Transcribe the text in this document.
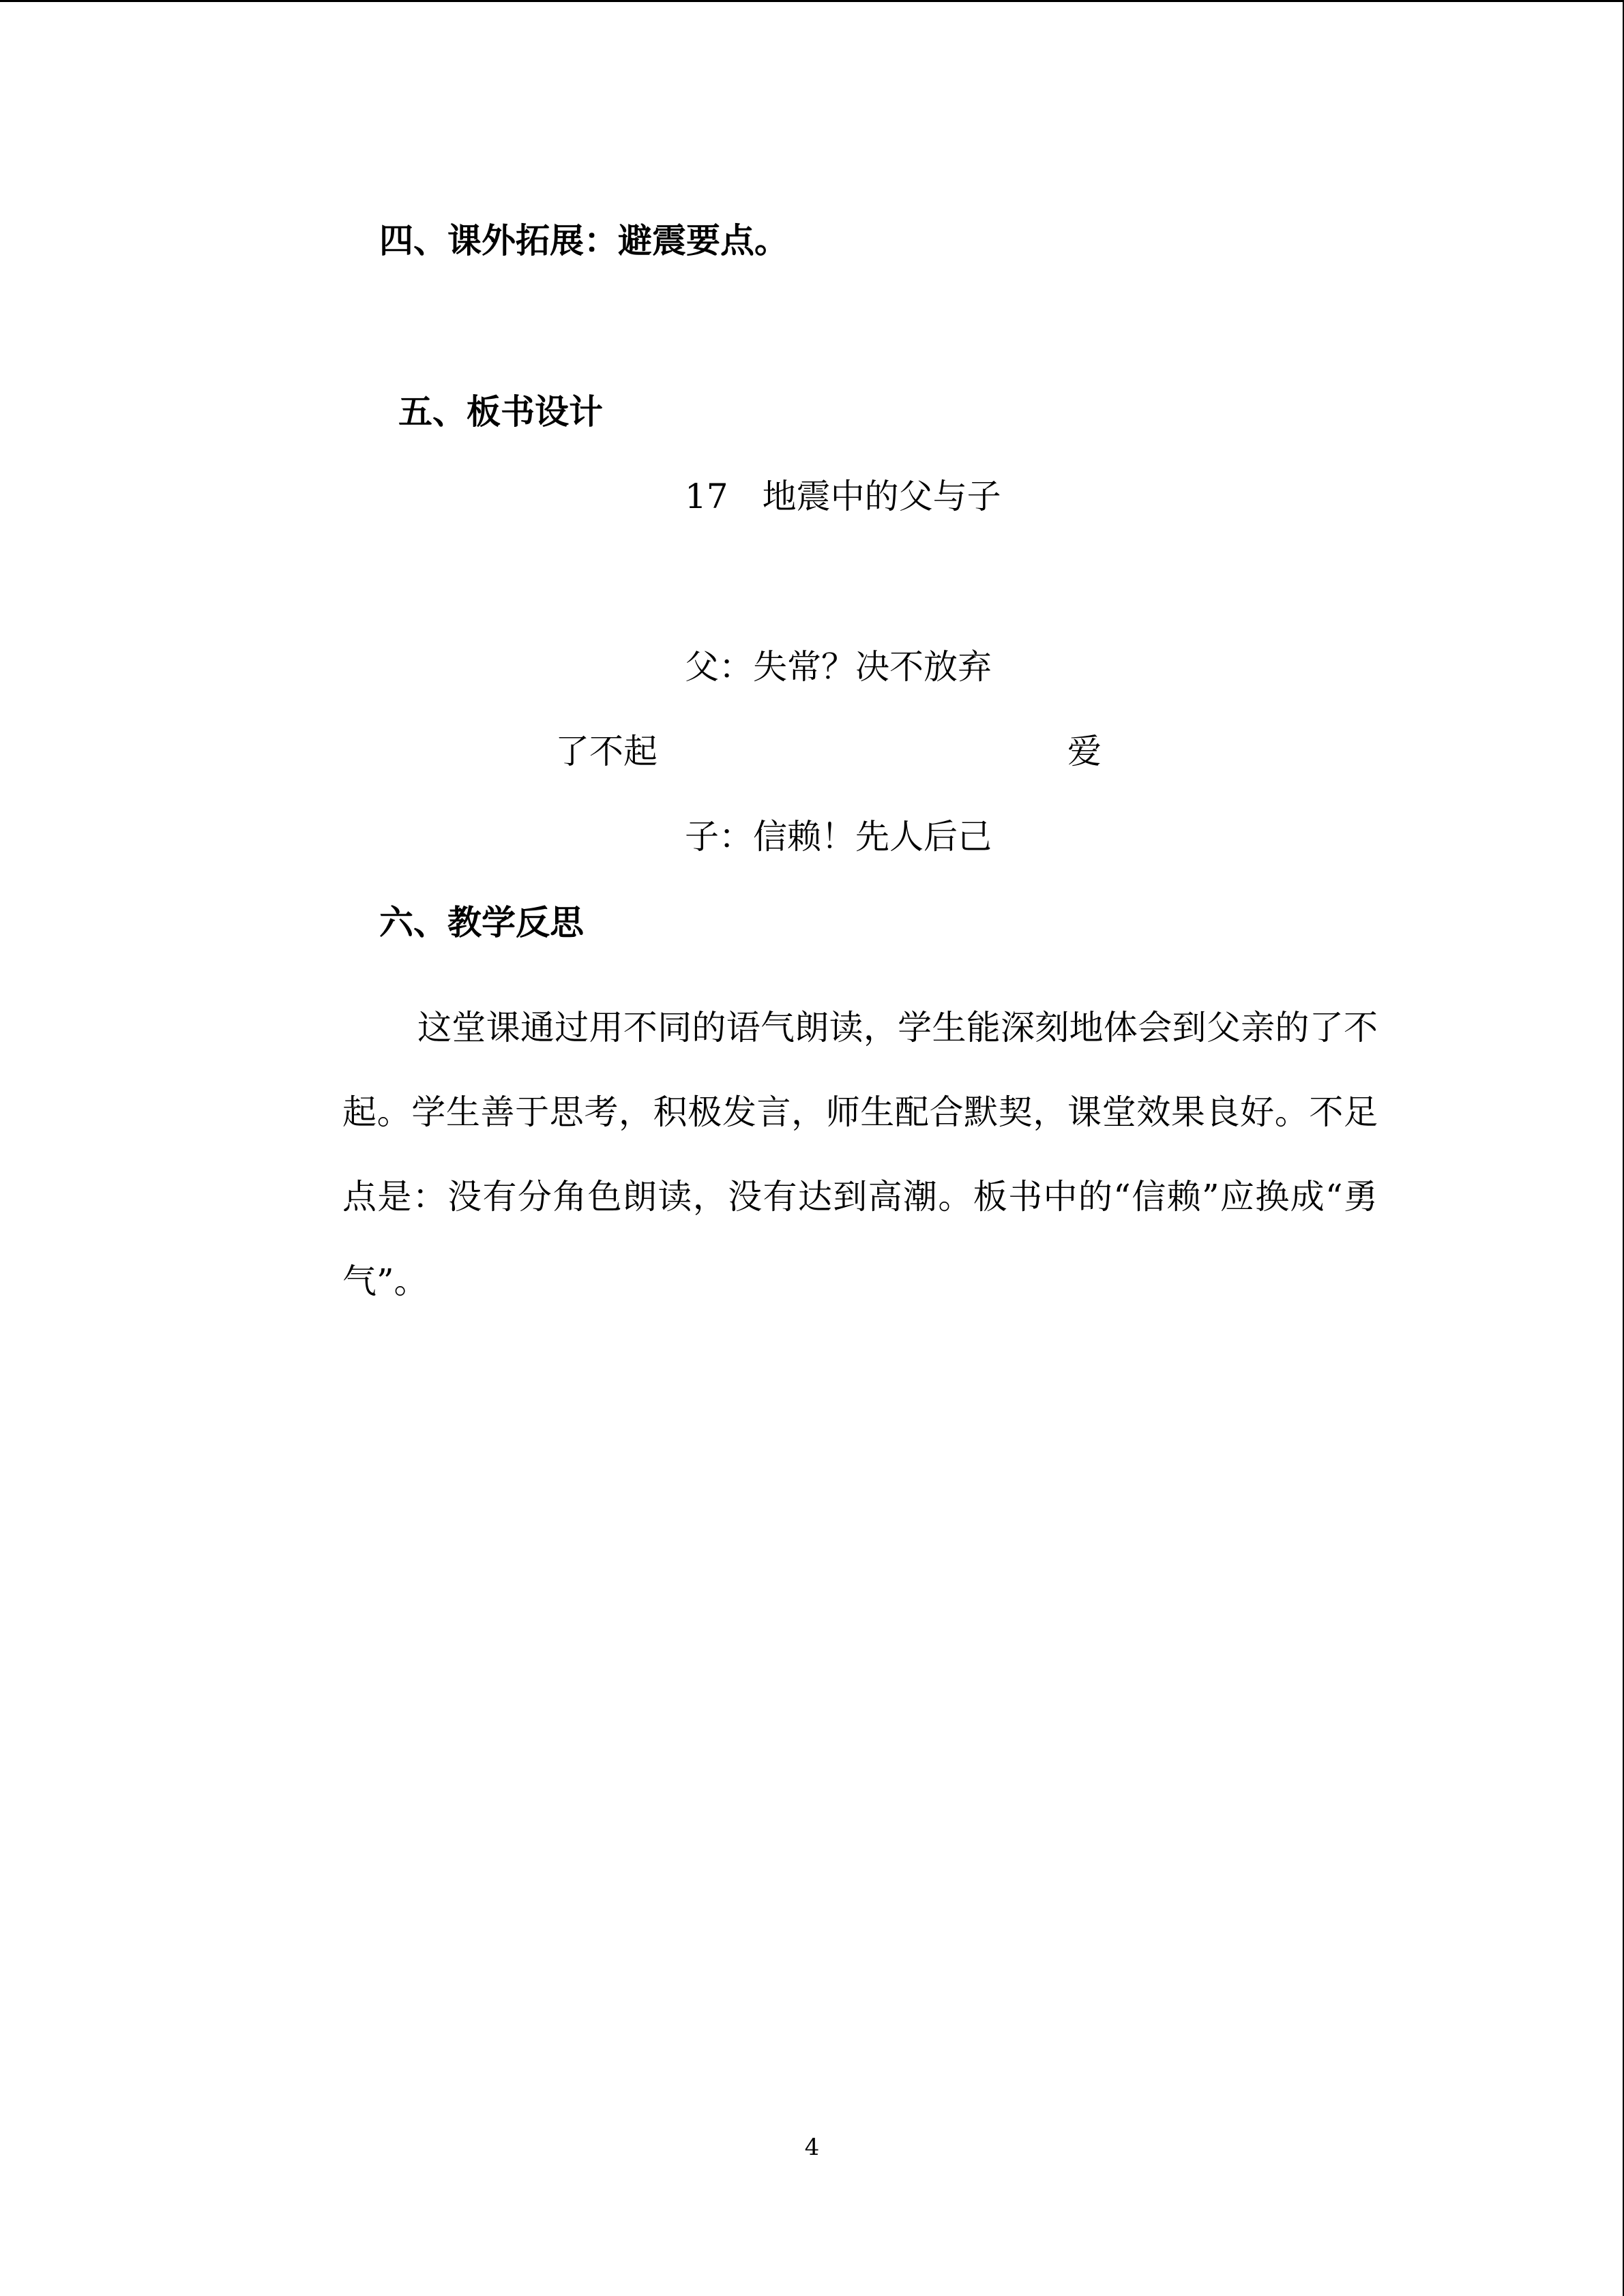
四、课外拓展：避震要点。
五、板书设计

17　地震中的父与子

父：失常？决不放弃

了不起	爱

子：信赖！先人后己

六、教学反思

这堂课通过用不同的语气朗读，学生能深刻地体会到父亲的了不起。学生善于思考，积极发言，师生配合默契，课堂效果良好。不足点是：没有分角色朗读，没有达到高潮。板书中的“信赖”应换成“勇气”。

4
